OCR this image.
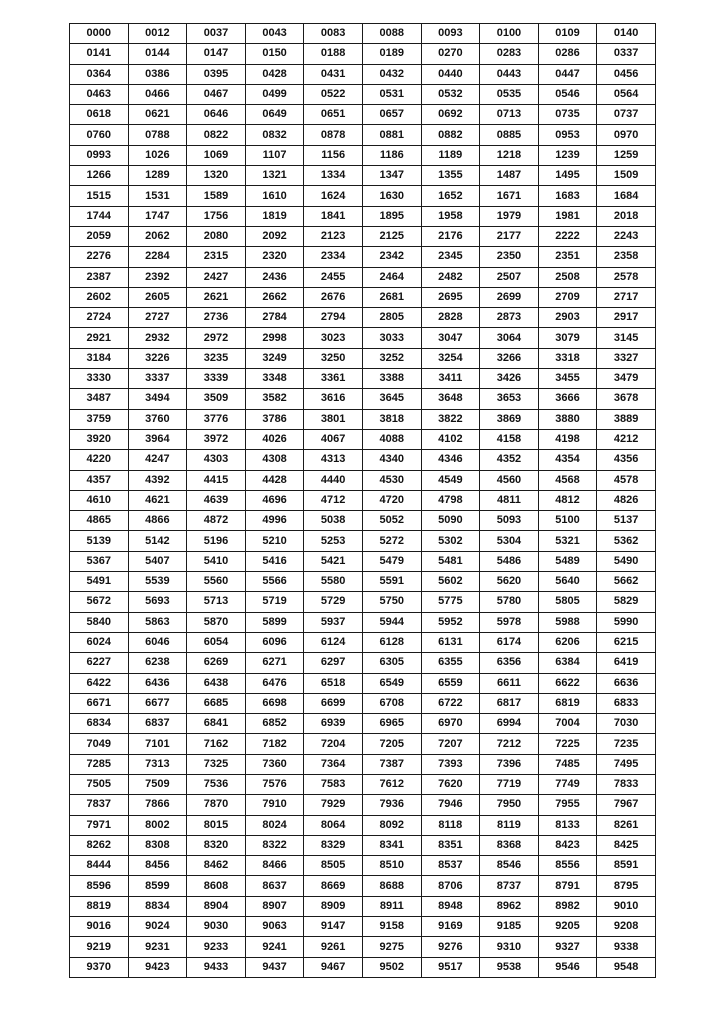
0000	0012	0037	0043	0083	0088	0093	0100	0109	0140
0141	0144	0147	0150	0188	0189	0270	0283	0286	0337
0364	0386	0395	0428	0431	0432	0440	0443	0447	0456
0463	0466	0467	0499	0522	0531	0532	0535	0546	0564
0618	0621	0646	0649	0651	0657	0692	0713	0735	0737
0760	0788	0822	0832	0878	0881	0882	0885	0953	0970
0993	1026	1069	1107	1156	1186	1189	1218	1239	1259
1266	1289	1320	1321	1334	1347	1355	1487	1495	1509
1515	1531	1589	1610	1624	1630	1652	1671	1683	1684
1744	1747	1756	1819	1841	1895	1958	1979	1981	2018
2059	2062	2080	2092	2123	2125	2176	2177	2222	2243
2276	2284	2315	2320	2334	2342	2345	2350	2351	2358
2387	2392	2427	2436	2455	2464	2482	2507	2508	2578
2602	2605	2621	2662	2676	2681	2695	2699	2709	2717
2724	2727	2736	2784	2794	2805	2828	2873	2903	2917
2921	2932	2972	2998	3023	3033	3047	3064	3079	3145
3184	3226	3235	3249	3250	3252	3254	3266	3318	3327
3330	3337	3339	3348	3361	3388	3411	3426	3455	3479
3487	3494	3509	3582	3616	3645	3648	3653	3666	3678
3759	3760	3776	3786	3801	3818	3822	3869	3880	3889
3920	3964	3972	4026	4067	4088	4102	4158	4198	4212
4220	4247	4303	4308	4313	4340	4346	4352	4354	4356
4357	4392	4415	4428	4440	4530	4549	4560	4568	4578
4610	4621	4639	4696	4712	4720	4798	4811	4812	4826
4865	4866	4872	4996	5038	5052	5090	5093	5100	5137
5139	5142	5196	5210	5253	5272	5302	5304	5321	5362
5367	5407	5410	5416	5421	5479	5481	5486	5489	5490
5491	5539	5560	5566	5580	5591	5602	5620	5640	5662
5672	5693	5713	5719	5729	5750	5775	5780	5805	5829
5840	5863	5870	5899	5937	5944	5952	5978	5988	5990
6024	6046	6054	6096	6124	6128	6131	6174	6206	6215
6227	6238	6269	6271	6297	6305	6355	6356	6384	6419
6422	6436	6438	6476	6518	6549	6559	6611	6622	6636
6671	6677	6685	6698	6699	6708	6722	6817	6819	6833
6834	6837	6841	6852	6939	6965	6970	6994	7004	7030
7049	7101	7162	7182	7204	7205	7207	7212	7225	7235
7285	7313	7325	7360	7364	7387	7393	7396	7485	7495
7505	7509	7536	7576	7583	7612	7620	7719	7749	7833
7837	7866	7870	7910	7929	7936	7946	7950	7955	7967
7971	8002	8015	8024	8064	8092	8118	8119	8133	8261
8262	8308	8320	8322	8329	8341	8351	8368	8423	8425
8444	8456	8462	8466	8505	8510	8537	8546	8556	8591
8596	8599	8608	8637	8669	8688	8706	8737	8791	8795
8819	8834	8904	8907	8909	8911	8948	8962	8982	9010
9016	9024	9030	9063	9147	9158	9169	9185	9205	9208
9219	9231	9233	9241	9261	9275	9276	9310	9327	9338
9370	9423	9433	9437	9467	9502	9517	9538	9546	9548
